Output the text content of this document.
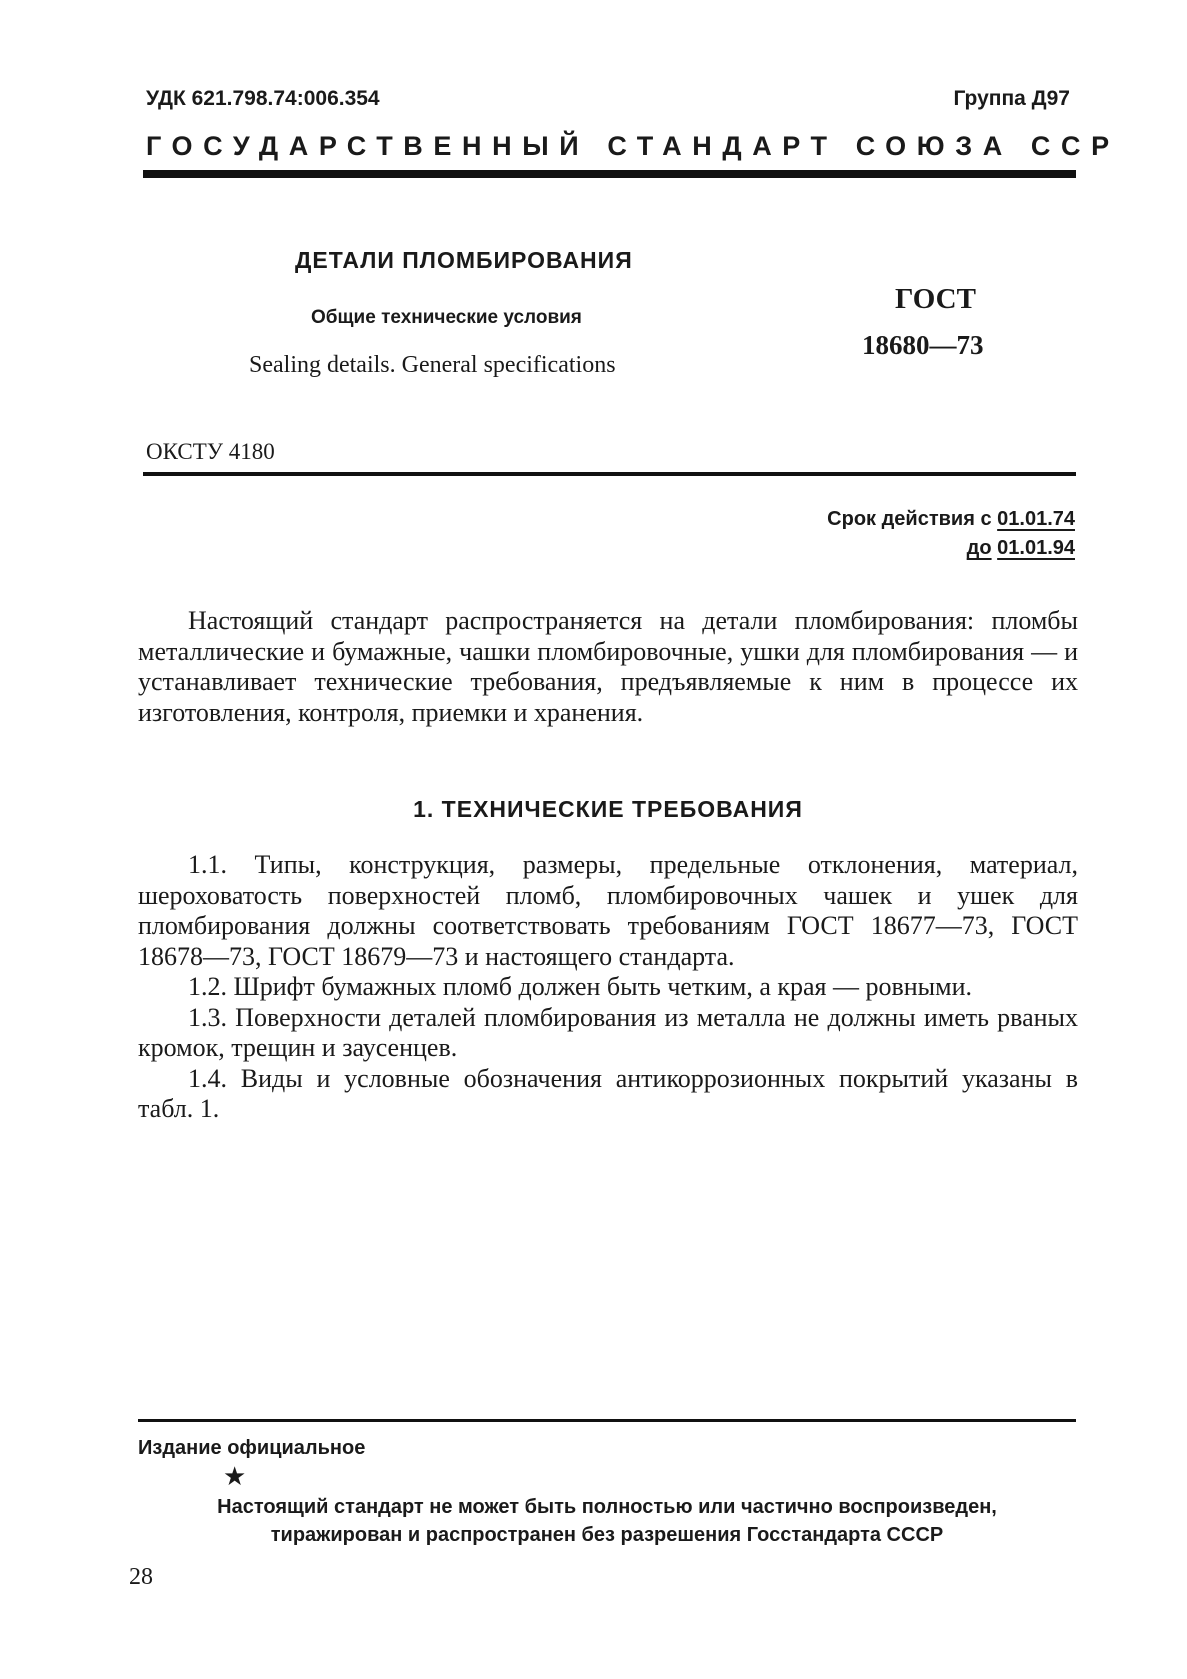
УДК 621.798.74:006.354	Группа Д97
ГОСУДАРСТВЕННЫЙ СТАНДАРТ СОЮЗА ССР
ДЕТАЛИ ПЛОМБИРОВАНИЯ
Общие технические условия
Sealing details. General specifications
ГОСТ
18680—73
ОКСТУ 4180
Срок действия с 01.01.74
до 01.01.94

Настоящий стандарт распространяется на детали пломбирования: пломбы металлические и бумажные, чашки пломбировочные, ушки для пломбирования — и устанавливает технические требования, предъявляемые к ним в процессе их изготовления, контроля, приемки и хранения.

1. ТЕХНИЧЕСКИЕ ТРЕБОВАНИЯ

1.1. Типы, конструкция, размеры, предельные отклонения, материал, шероховатость поверхностей пломб, пломбировочных чашек и ушек для пломбирования должны соответствовать требованиям ГОСТ 18677—73, ГОСТ 18678—73, ГОСТ 18679—73 и настоящего стандарта.

1.2. Шрифт бумажных пломб должен быть четким, а края — ровными.

1.3. Поверхности деталей пломбирования из металла не должны иметь рваных кромок, трещин и заусенцев.

1.4. Виды и условные обозначения антикоррозионных покрытий указаны в табл. 1.

Издание официальное
★
Настоящий стандарт не может быть полностью или частично воспроизведен,
тиражирован и распространен без разрешения Госстандарта СССР
28
